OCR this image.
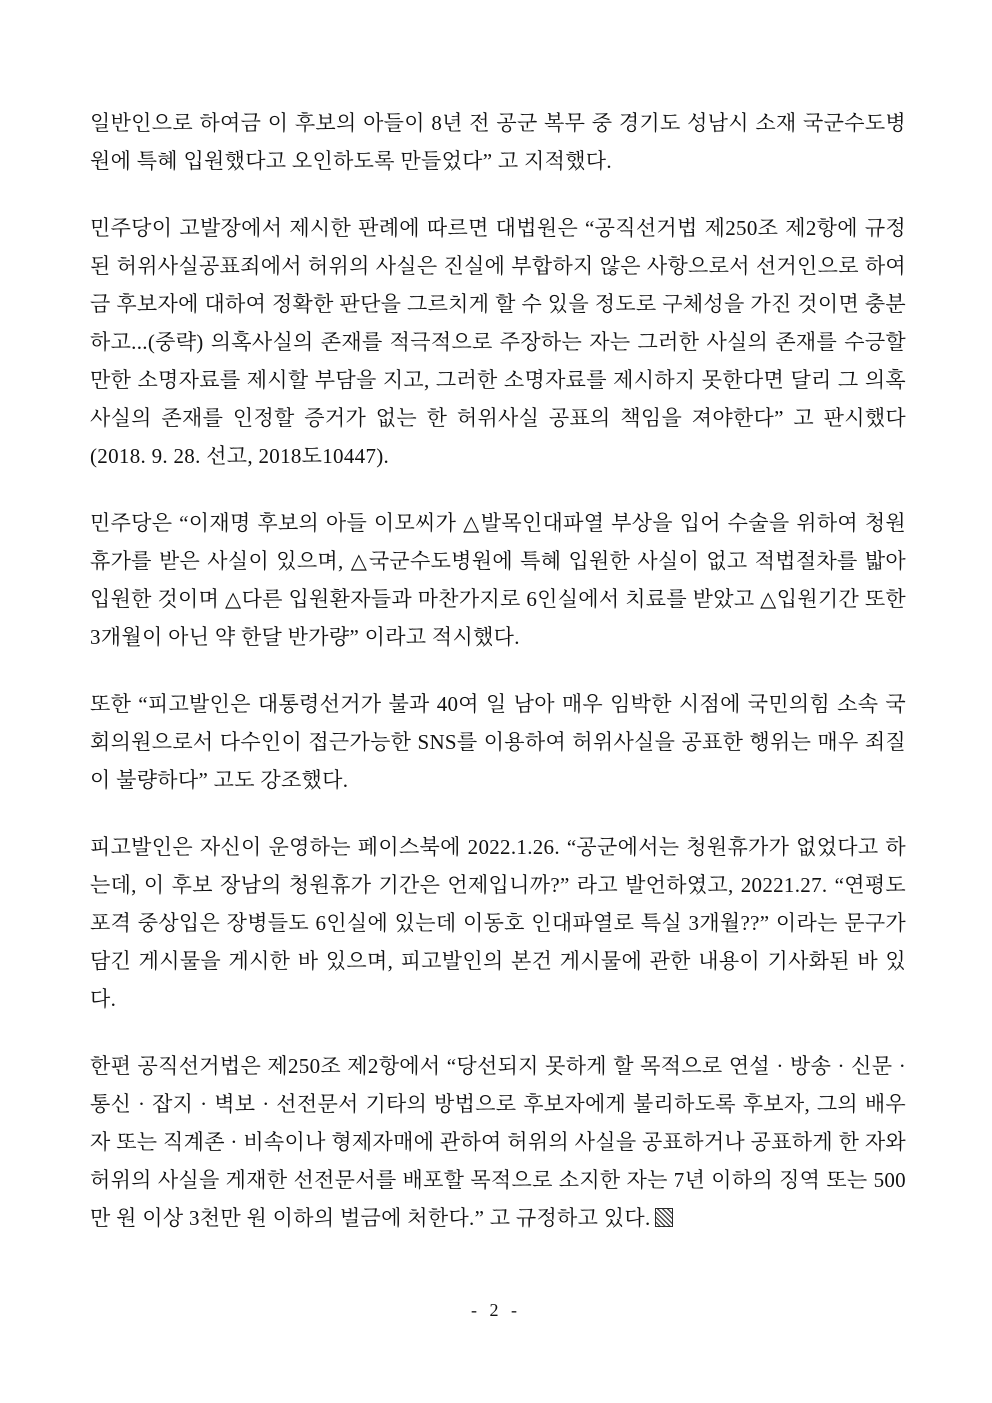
일반인으로 하여금 이 후보의 아들이 8년 전 공군 복무 중 경기도 성남시 소재 국군수도병원에 특혜 입원했다고 오인하도록 만들었다” 고 지적했다.

민주당이 고발장에서 제시한 판례에 따르면 대법원은 “공직선거법 제250조 제2항에 규정된 허위사실공표죄에서 허위의 사실은 진실에 부합하지 않은 사항으로서 선거인으로 하여금 후보자에 대하여 정확한 판단을 그르치게 할 수 있을 정도로 구체성을 가진 것이면 충분하고...(중략) 의혹사실의 존재를 적극적으로 주장하는 자는 그러한 사실의 존재를 수긍할 만한 소명자료를 제시할 부담을 지고, 그러한 소명자료를 제시하지 못한다면 달리 그 의혹사실의 존재를 인정할 증거가 없는 한 허위사실 공표의 책임을 져야한다” 고 판시했다(2018. 9. 28. 선고, 2018도10447).

민주당은 “이재명 후보의 아들 이모씨가 △발목인대파열 부상을 입어 수술을 위하여 청원휴가를 받은 사실이 있으며, △국군수도병원에 특혜 입원한 사실이 없고 적법절차를 밟아 입원한 것이며 △다른 입원환자들과 마찬가지로 6인실에서 치료를 받았고 △입원기간 또한 3개월이 아닌 약 한달 반가량” 이라고 적시했다.

또한 “피고발인은 대통령선거가 불과 40여 일 남아 매우 임박한 시점에 국민의힘 소속 국회의원으로서 다수인이 접근가능한 SNS를 이용하여 허위사실을 공표한 행위는 매우 죄질이 불량하다” 고도 강조했다.

피고발인은 자신이 운영하는 페이스북에 2022.1.26. “공군에서는 청원휴가가 없었다고 하는데, 이 후보 장남의 청원휴가 기간은 언제입니까?” 라고 발언하였고, 20221.27. “연평도 포격 중상입은 장병들도 6인실에 있는데 이동호 인대파열로 특실 3개월??” 이라는 문구가 담긴 게시물을 게시한 바 있으며, 피고발인의 본건 게시물에 관한 내용이 기사화된 바 있다.

한편 공직선거법은 제250조 제2항에서 “당선되지 못하게 할 목적으로 연설 · 방송 · 신문 · 통신 · 잡지 · 벽보 · 선전문서 기타의 방법으로 후보자에게 불리하도록 후보자, 그의 배우자 또는 직계존 · 비속이나 형제자매에 관하여 허위의 사실을 공표하거나 공표하게 한 자와 허위의 사실을 게재한 선전문서를 배포할 목적으로 소지한 자는 7년 이하의 징역 또는 500만 원 이상 3천만 원 이하의 벌금에 처한다.” 고 규정하고 있다.

- 2 -
